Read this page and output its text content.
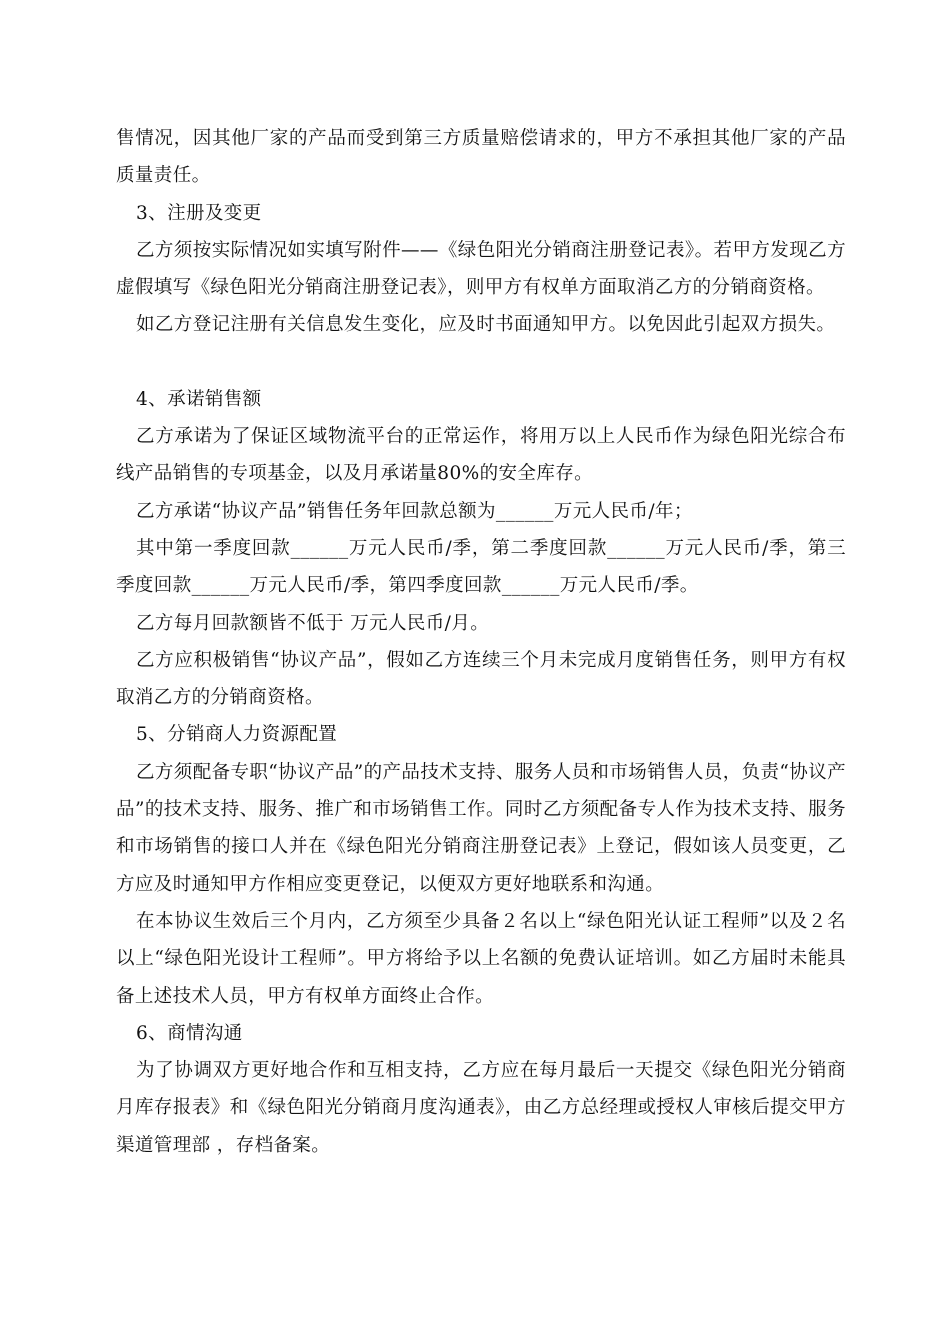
售情况，因其他厂家的产品而受到第三方质量赔偿请求的，甲方不承担其他厂家的产品质量责任。

3、注册及变更

乙方须按实际情况如实填写附件——《绿色阳光分销商注册登记表》。若甲方发现乙方虚假填写《绿色阳光分销商注册登记表》，则甲方有权单方面取消乙方的分销商资格。

如乙方登记注册有关信息发生变化，应及时书面通知甲方。以免因此引起双方损失。

4、承诺销售额

乙方承诺为了保证区域物流平台的正常运作，将用万以上人民币作为绿色阳光综合布线产品销售的专项基金，以及月承诺量80%的安全库存。

乙方承诺“协议产品”销售任务年回款总额为______万元人民币/年；

其中第一季度回款______万元人民币/季，第二季度回款______万元人民币/季，第三季度回款______万元人民币/季，第四季度回款______万元人民币/季。

乙方每月回款额皆不低于 万元人民币/月。

乙方应积极销售“协议产品”，假如乙方连续三个月未完成月度销售任务，则甲方有权取消乙方的分销商资格。

5、分销商人力资源配置

乙方须配备专职“协议产品”的产品技术支持、服务人员和市场销售人员，负责“协议产品”的技术支持、服务、推广和市场销售工作。同时乙方须配备专人作为技术支持、服务和市场销售的接口人并在《绿色阳光分销商注册登记表》上登记，假如该人员变更，乙方应及时通知甲方作相应变更登记，以便双方更好地联系和沟通。

在本协议生效后三个月内，乙方须至少具备２名以上“绿色阳光认证工程师”以及２名以上“绿色阳光设计工程师”。甲方将给予以上名额的免费认证培训。如乙方届时未能具备上述技术人员，甲方有权单方面终止合作。

6、商情沟通

为了协调双方更好地合作和互相支持，乙方应在每月最后一天提交《绿色阳光分销商月库存报表》和《绿色阳光分销商月度沟通表》，由乙方总经理或授权人审核后提交甲方渠道管理部 ，存档备案。
